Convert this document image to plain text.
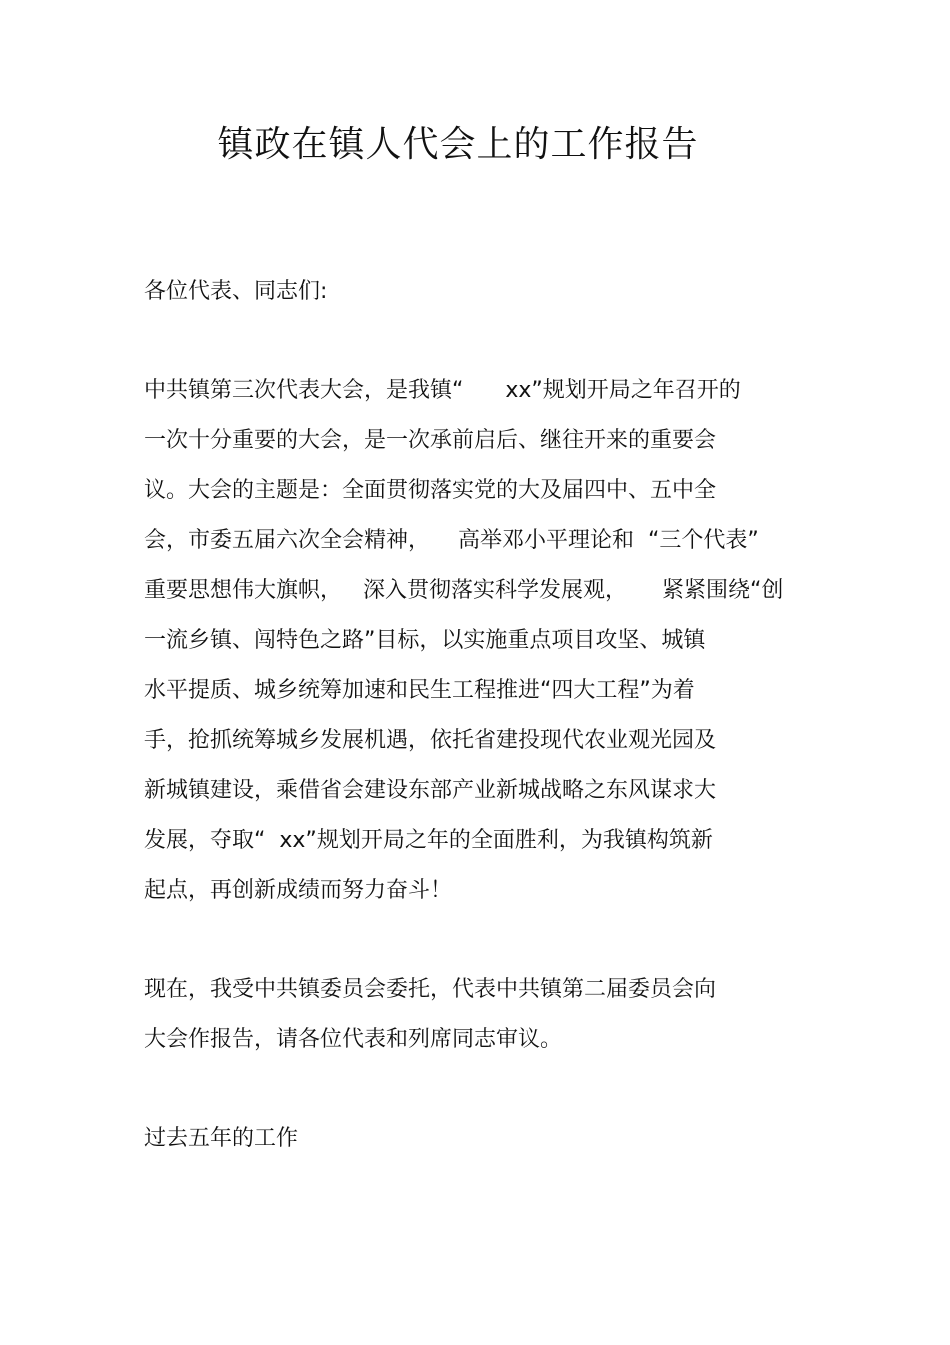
镇政在镇人代会上的工作报告
各位代表、同志们:
中共镇第三次代表大会，是我镇“      xx”规划开局之年召开的
一次十分重要的大会，是一次承前启后、继往开来的重要会
议。大会的主题是：全面贯彻落实党的大及届四中、五中全
会，市委五届六次全会精神，    高举邓小平理论和  “三个代表”
重要思想伟大旗帜，   深入贯彻落实科学发展观，     紧紧围绕“创
一流乡镇、闯特色之路”目标，以实施重点项目攻坚、城镇
水平提质、城乡统筹加速和民生工程推进“四大工程”为着
手，抢抓统筹城乡发展机遇，依托省建投现代农业观光园及
新城镇建设，乘借省会建设东部产业新城战略之东风谋求大
发展，夺取“  xx”规划开局之年的全面胜利，为我镇构筑新
起点，再创新成绩而努力奋斗！
现在，我受中共镇委员会委托，代表中共镇第二届委员会向
大会作报告，请各位代表和列席同志审议。
过去五年的工作
